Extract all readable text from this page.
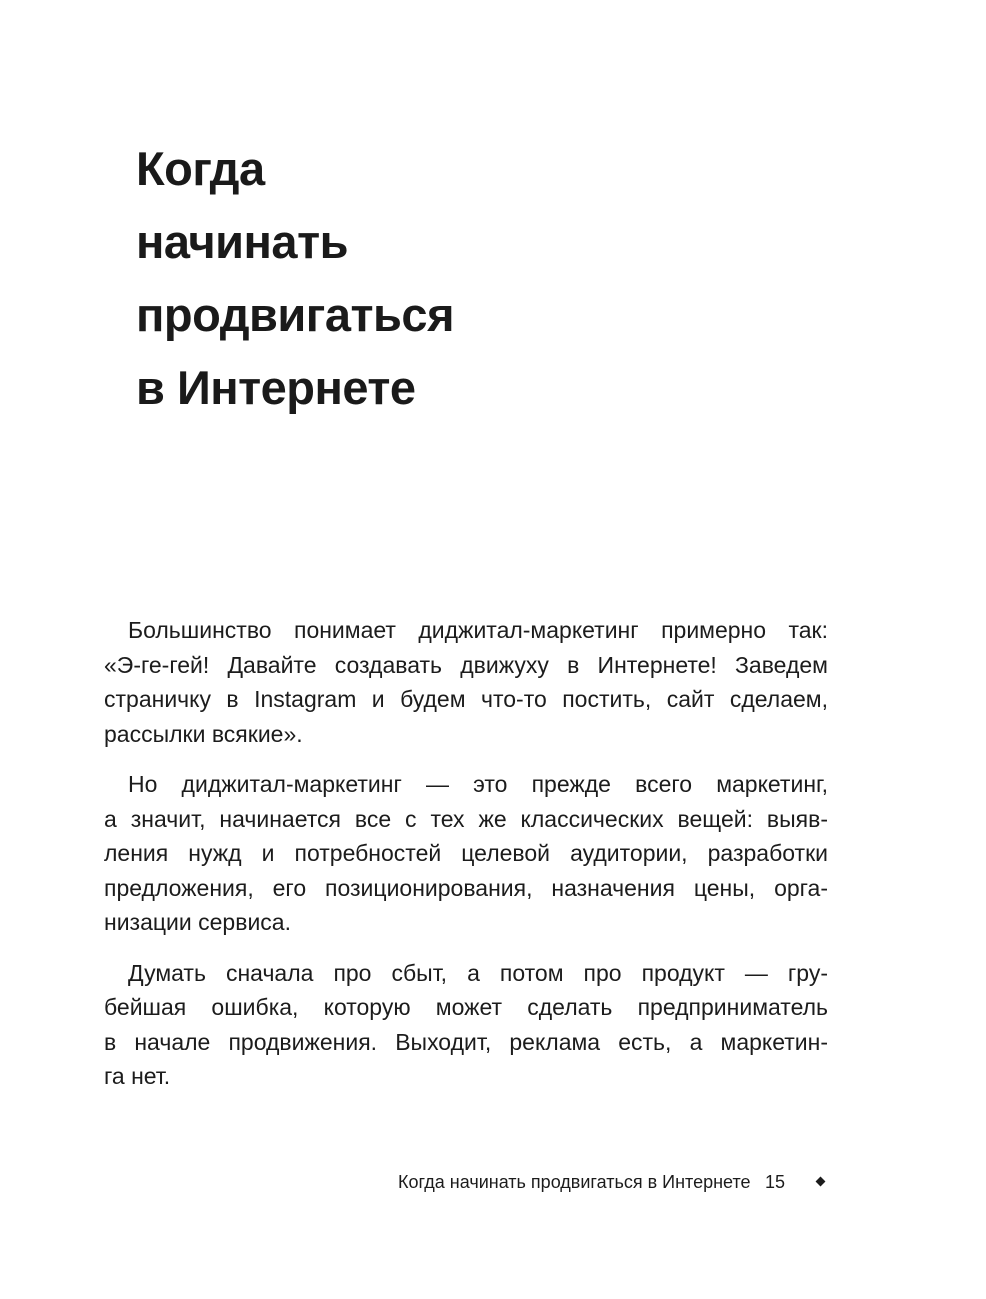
Когда
начинать
продвигаться
в Интернете

Большинство понимает диджитал-маркетинг примерно так:
«Э-ге-гей! Давайте создавать движуху в Интернете! Заведем
страничку в Instagram и будем что-то постить, сайт сделаем,
рассылки всякие».

Но диджитал-маркетинг — это прежде всего маркетинг,
а значит, начинается все с тех же классических вещей: выяв-
ления нужд и потребностей целевой аудитории, разработки
предложения, его позиционирования, назначения цены, орга-
низации сервиса.

Думать сначала про сбыт, а потом про продукт — гру-
бейшая ошибка, которую может сделать предприниматель
в начале продвижения. Выходит, реклама есть, а маркетин-
га нет.

Когда начинать продвигаться в Интернете 15
